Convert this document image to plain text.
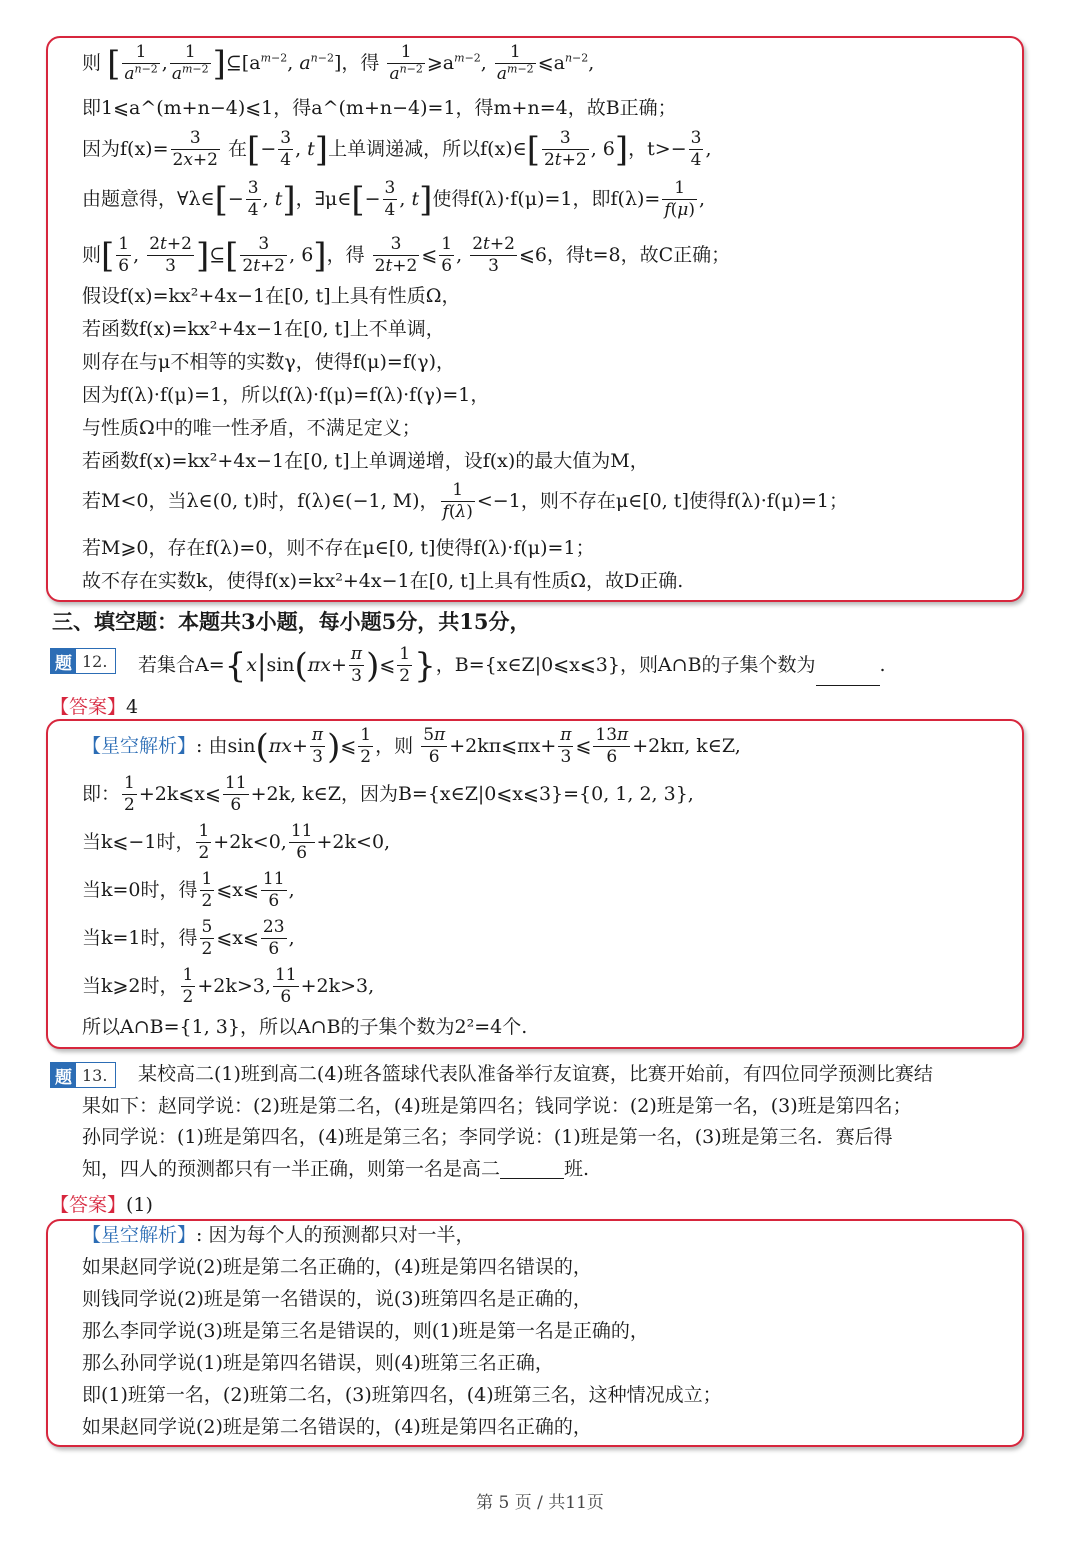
则 [ $\frac{1}{a^{n-2}}$ , $\frac{1}{a^{m-2}}$ ]$⊆[a^{m-2}$, $a^{n-2}$]，得 $\frac{1}{a^{n-2}}$ $⩾a^{m-2}$, $\frac{1}{a^{m-2}}$ $⩽a^{n-2}$,
即1⩽a^(m+n−4)⩽1，得a^(m+n−4)=1，得m+n=4，故B正确；
因为$f(x)= \frac{3}{2x+2}$ 在[− $\frac{3}{4}$ , t]上单调递减，所以f(x)∈[ $\frac{3}{2t+2}$ , 6]，$t>- \frac{3}{4}$ ,
由题意得，∀λ∈[− $\frac{3}{4}$ , t]，∃μ∈[− $\frac{3}{4}$ , t]使得f(λ)·f(μ)=1，即$f(\lambda)= \frac{1}{f(\mu)}$ ,
则[ $\frac{1}{6}$ , $\frac{2t+2}{3}$ ]⊆[ $\frac{3}{2t+2}$ , 6]，得 $\frac{3}{2t+2}$ ⩽ $\frac{1}{6}$ , $\frac{2t+2}{3}$ ⩽6，得t=8，故C正确；
假设f(x)=kx²+4x−1在[0, t]上具有性质Ω，
若函数f(x)=kx²+4x−1在[0, t]上不单调，
则存在与μ不相等的实数γ，使得f(μ)=f(γ)，
因为f(λ)·f(μ)=1，所以f(λ)·f(μ)=f(λ)·f(γ)=1，
与性质Ω中的唯一性矛盾，不满足定义；
若函数f(x)=kx²+4x−1在[0, t]上单调递增，设f(x)的最大值为M，
若M<0，当λ∈(0, t)时，f(λ)∈(−1, M)， $\frac{1}{f(\lambda)} <-1$，则不存在μ∈[0, t]使得f(λ)·f(μ)=1；
若M⩾0，存在f(λ)=0，则不存在μ∈[0, t]使得f(λ)·f(μ)=1；
故不存在实数k，使得f(x)=kx²+4x−1在[0, t]上具有性质Ω，故D正确.
三、填空题：本题共3小题，每小题5分，共15分，
题 12.	若集合$A=\{x|\sin(\pi x+ \frac{\pi}{3}$ )⩽ $\frac{1}{2}$ }，B={x∈Z|0⩽x⩽3}，则A∩B的子集个数为	.
【答案】4
【星空解析】: 由$\sin(\pi x+ \frac{\pi}{3}$ )⩽ $\frac{1}{2}$ ，则 $\frac{5\pi}{6}$ +2kπ⩽πx+ $\frac{\pi}{3}$ ⩽ $\frac{13\pi}{6} +2k\pi$, k∈Z,
即： $\frac{1}{2}$ +2k⩽x⩽ $\frac{11}{6} +2k$, k∈Z，因为B={x∈Z|0⩽x⩽3}={0, 1, 2, 3},
当k⩽−1时， $\frac{1}{2} +2k<0$, $\frac{11}{6} +2k<0$,
当k=0时，得 $\frac{1}{2}$ ⩽x⩽ $\frac{11}{6}$ ,
当k=1时，得 $\frac{5}{2}$ ⩽x⩽ $\frac{23}{6}$ ,
当k⩾2时， $\frac{1}{2} +2k>3$, $\frac{11}{6} +2k>3$,
所以A∩B={1, 3}，所以A∩B的子集个数为2²=4个.
题 13.	某校高二(1)班到高二(4)班各篮球代表队准备举行友谊赛，比赛开始前，有四位同学预测比赛结
果如下：赵同学说：(2)班是第二名，(4)班是第四名；钱同学说：(2)班是第一名，(3)班是第四名；
孙同学说：(1)班是第四名，(4)班是第三名；李同学说：(1)班是第一名，(3)班是第三名．赛后得
知，四人的预测都只有一半正确，则第一名是高二	班.
【答案】(1)
【星空解析】: 因为每个人的预测都只对一半，
如果赵同学说(2)班是第二名正确的，(4)班是第四名错误的，
则钱同学说(2)班是第一名错误的，说(3)班第四名是正确的，
那么李同学说(3)班是第三名是错误的，则(1)班是第一名是正确的，
那么孙同学说(1)班是第四名错误，则(4)班第三名正确，
即(1)班第一名，(2)班第二名，(3)班第四名，(4)班第三名，这种情况成立；
如果赵同学说(2)班是第二名错误的，(4)班是第四名正确的，
第 5 页 / 共11页
